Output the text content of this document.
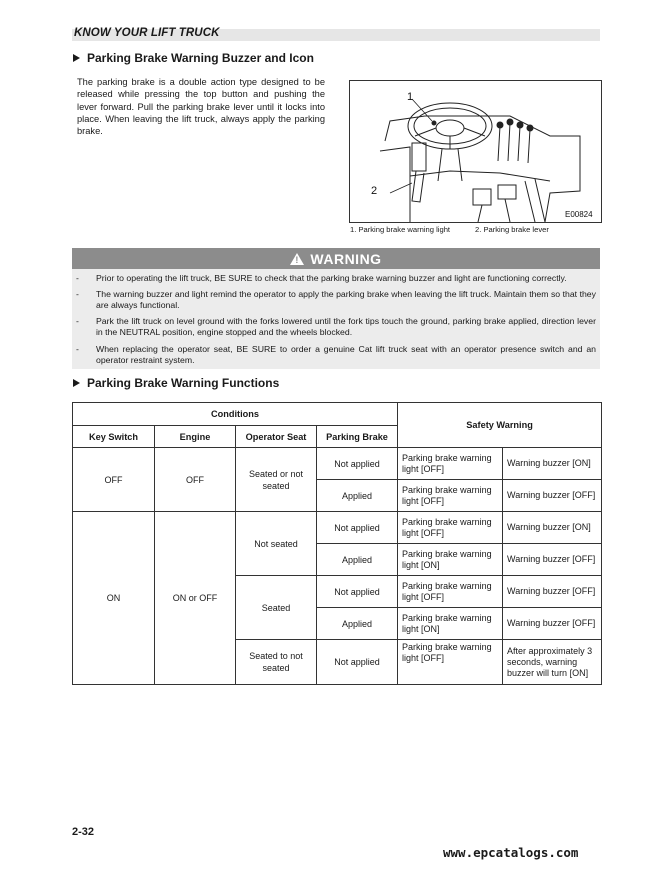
KNOW YOUR LIFT TRUCK
Parking Brake Warning Buzzer and Icon
The parking brake is a double action type designed to be released while pressing the top button and pushing the lever forward. Pull the parking brake lever until it locks into place. When leaving the lift truck, always apply the parking brake.
1
2
E00824
1. Parking brake warning light	2. Parking brake lever
! WARNING
- Prior to operating the lift truck, BE SURE to check that the parking brake warning buzzer and light are functioning correctly.
- The warning buzzer and light remind the operator to apply the parking brake when leaving the lift truck. Maintain them so that they are always functional.
- Park the lift truck on level ground with the forks lowered until the fork tips touch the ground, parking brake applied, direction lever in the NEUTRAL position, engine stopped and the wheels blocked.
- When replacing the operator seat, BE SURE to order a genuine Cat lift truck seat with an operator presence switch and an operator restraint system.
Parking Brake Warning Functions
Conditions				Safety Warning	
Key Switch	Engine	Operator Seat	Parking Brake		
OFF	OFF	Seated or not seated	Not applied	Parking brake warning light [OFF]	Warning buzzer [ON]
			Applied	Parking brake warning light [OFF]	Warning buzzer [OFF]
ON	ON or OFF	Not seated	Not applied	Parking brake warning light [OFF]	Warning buzzer [ON]
			Applied	Parking brake warning light [ON]	Warning buzzer [OFF]
		Seated	Not applied	Parking brake warning light [OFF]	Warning buzzer [OFF]
			Applied	Parking brake warning light [ON]	Warning buzzer [OFF]
		Seated to not seated	Not applied	Parking brake warning light [OFF]	After approximately 3 seconds, warning buzzer will turn [ON]
2-32
www.epcatalogs.com
